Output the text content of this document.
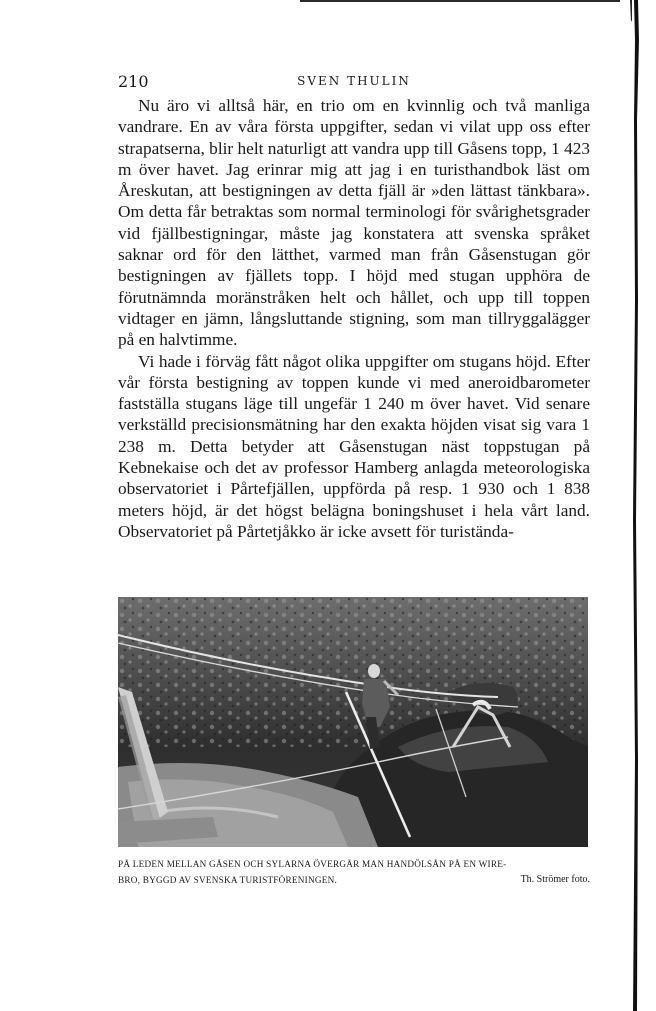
210	SVEN THULIN

Nu äro vi alltså här, en trio om en kvinnlig och två manliga vandrare. En av våra första uppgifter, sedan vi vilat upp oss efter strapatserna, blir helt naturligt att vandra upp till Gåsens topp, 1 423 m över havet. Jag erinrar mig att jag i en turisthandbok läst om Åreskutan, att bestigningen av detta fjäll är »den lättast tänkbara». Om detta får betraktas som normal terminologi för svårighetsgrader vid fjällbestigningar, måste jag konstatera att svenska språket saknar ord för den lätthet, varmed man från Gåsenstugan gör bestigningen av fjällets topp. I höjd med stugan upphöra de förutnämnda moränstråken helt och hållet, och upp till toppen vidtager en jämn, långsluttande stigning, som man tillryggalägger på en halvtimme.

Vi hade i förväg fått något olika uppgifter om stugans höjd. Efter vår första bestigning av toppen kunde vi med aneroidbarometer fastställa stugans läge till ungefär 1 240 m över havet. Vid senare verkställd precisionsmätning har den exakta höjden visat sig vara 1 238 m. Detta betyder att Gåsenstugan näst toppstugan på Kebnekaise och det av professor Hamberg anlagda meteorologiska observatoriet i Pårtefjällen, uppförda på resp. 1 930 och 1 838 meters höjd, är det högst belägna boningshuset i hela vårt land. Observatoriet på Pårtetjåkko är icke avsett för turistända-

PÅ LEDEN MELLAN GÅSEN OCH SYLARNA ÖVERGÅR MAN HANDÖLSÅN PÅ EN WIRE-
BRO, BYGGD AV SVENSKA TURISTFÖRENINGEN.	Th. Strömer foto.
